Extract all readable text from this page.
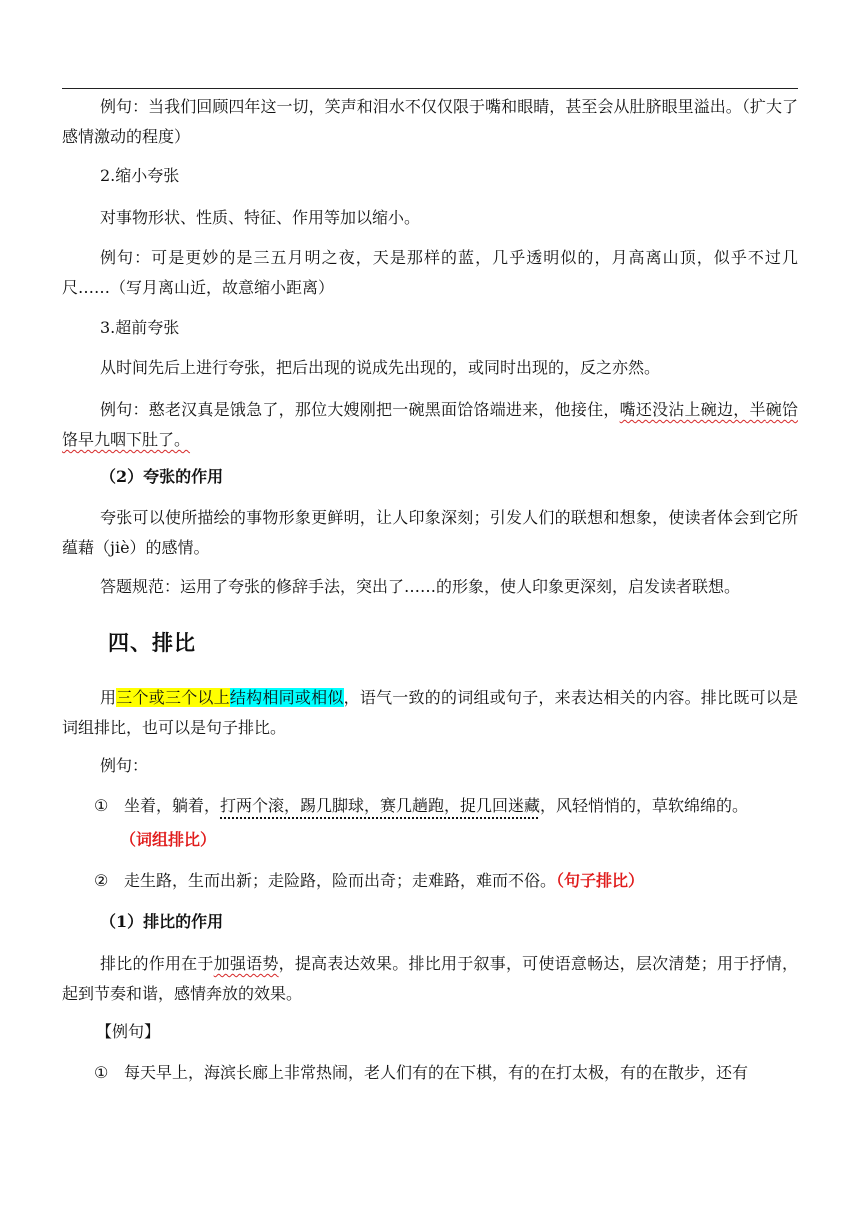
例句：当我们回顾四年这一切，笑声和泪水不仅仅限于嘴和眼睛，甚至会从肚脐眼里溢出。（扩大了感情激动的程度）
2.缩小夸张
对事物形状、性质、特征、作用等加以缩小。
例句：可是更妙的是三五月明之夜，天是那样的蓝，几乎透明似的，月高离山顶，似乎不过几尺……（写月离山近，故意缩小距离）
3.超前夸张
从时间先后上进行夸张，把后出现的说成先出现的，或同时出现的，反之亦然。
例句：憨老汉真是饿急了，那位大嫂刚把一碗黑面饸饹端进来，他接住，嘴还没沾上碗边，半碗饸饹早九咽下肚了。
（2）夸张的作用
夸张可以使所描绘的事物形象更鲜明，让人印象深刻；引发人们的联想和想象，使读者体会到它所蕴藉（jiè）的感情。
答题规范：运用了夸张的修辞手法，突出了……的形象，使人印象更深刻，启发读者联想。
四、排比
用三个或三个以上结构相同或相似，语气一致的的词组或句子，来表达相关的内容。排比既可以是词组排比，也可以是句子排比。
例句：
① 坐着，躺着，打两个滚，踢几脚球，赛几趟跑，捉几回迷藏，风轻悄悄的，草软绵绵的。
（词组排比）
② 走生路，生而出新；走险路，险而出奇；走难路，难而不俗。（句子排比）
（1）排比的作用
排比的作用在于加强语势，提高表达效果。排比用于叙事，可使语意畅达，层次清楚；用于抒情，起到节奏和谐，感情奔放的效果。
【例句】
① 每天早上，海滨长廊上非常热闹，老人们有的在下棋，有的在打太极，有的在散步，还有
